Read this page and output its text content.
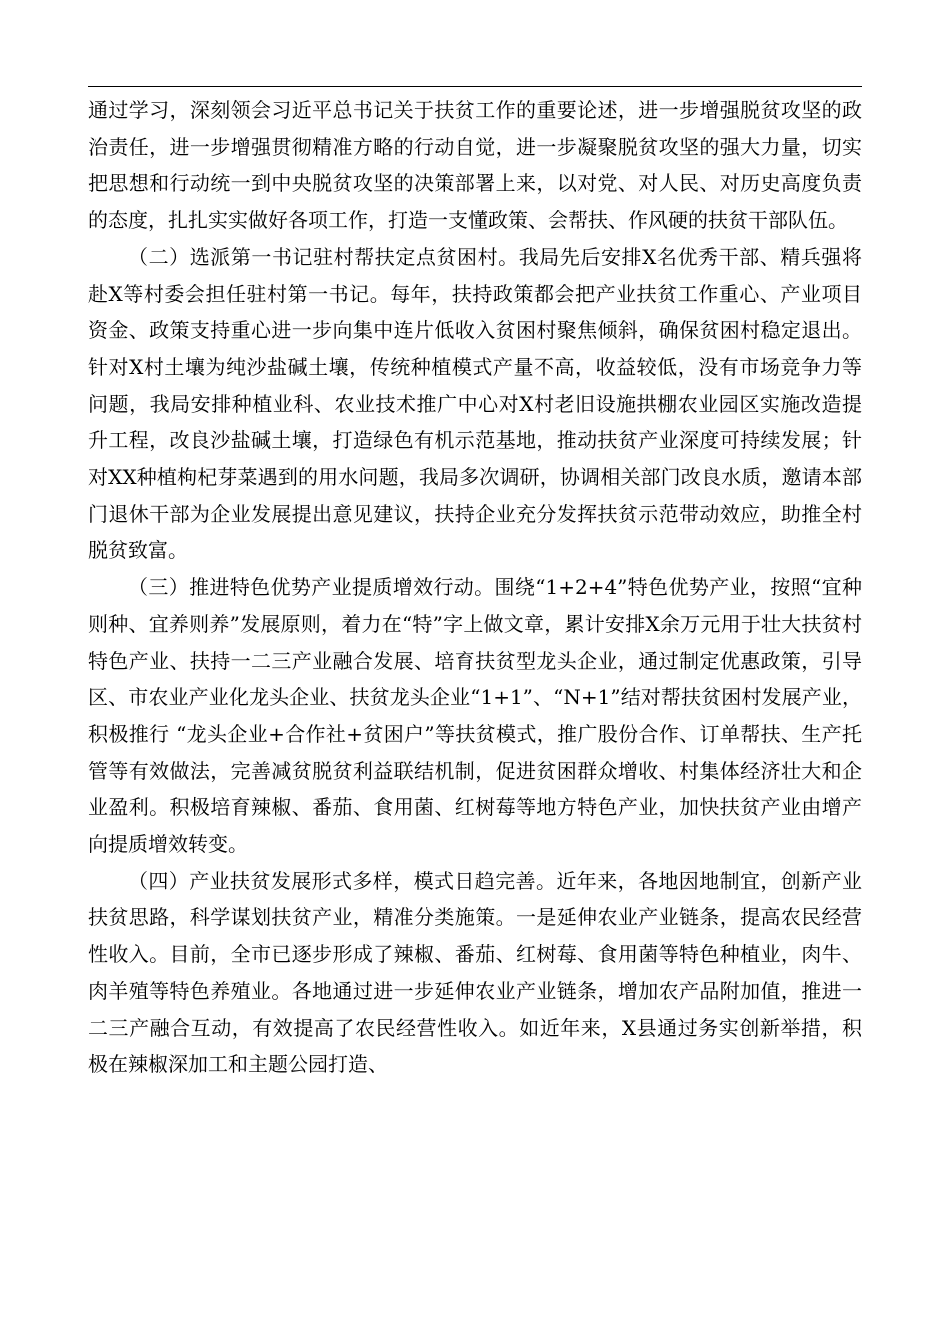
通过学习，深刻领会习近平总书记关于扶贫工作的重要论述，进一步增强脱贫攻坚的政治责任，进一步增强贯彻精准方略的行动自觉，进一步凝聚脱贫攻坚的强大力量，切实把思想和行动统一到中央脱贫攻坚的决策部署上来，以对党、对人民、对历史高度负责的态度，扎扎实实做好各项工作，打造一支懂政策、会帮扶、作风硬的扶贫干部队伍。

（二）选派第一书记驻村帮扶定点贫困村。我局先后安排X名优秀干部、精兵强将赴X等村委会担任驻村第一书记。每年，扶持政策都会把产业扶贫工作重心、产业项目资金、政策支持重心进一步向集中连片低收入贫困村聚焦倾斜，确保贫困村稳定退出。针对X村土壤为纯沙盐碱土壤，传统种植模式产量不高，收益较低，没有市场竞争力等问题，我局安排种植业科、农业技术推广中心对X村老旧设施拱棚农业园区实施改造提升工程，改良沙盐碱土壤，打造绿色有机示范基地，推动扶贫产业深度可持续发展；针对XX种植枸杞芽菜遇到的用水问题，我局多次调研，协调相关部门改良水质，邀请本部门退休干部为企业发展提出意见建议，扶持企业充分发挥扶贫示范带动效应，助推全村脱贫致富。

（三）推进特色优势产业提质增效行动。围绕“1+2+4”特色优势产业，按照“宜种则种、宜养则养”发展原则，着力在“特”字上做文章，累计安排X余万元用于壮大扶贫村特色产业、扶持一二三产业融合发展、培育扶贫型龙头企业，通过制定优惠政策，引导区、市农业产业化龙头企业、扶贫龙头企业“1+1”、“N+1”结对帮扶贫困村发展产业，积极推行 “龙头企业+合作社+贫困户”等扶贫模式，推广股份合作、订单帮扶、生产托管等有效做法，完善减贫脱贫利益联结机制，促进贫困群众增收、村集体经济壮大和企业盈利。积极培育辣椒、番茄、食用菌、红树莓等地方特色产业，加快扶贫产业由增产向提质增效转变。

（四）产业扶贫发展形式多样，模式日趋完善。近年来，各地因地制宜，创新产业扶贫思路，科学谋划扶贫产业，精准分类施策。一是延伸农业产业链条，提高农民经营性收入。目前，全市已逐步形成了辣椒、番茄、红树莓、食用菌等特色种植业，肉牛、肉羊殖等特色养殖业。各地通过进一步延伸农业产业链条，增加农产品附加值，推进一二三产融合互动，有效提高了农民经营性收入。如近年来，X县通过务实创新举措，积极在辣椒深加工和主题公园打造、
